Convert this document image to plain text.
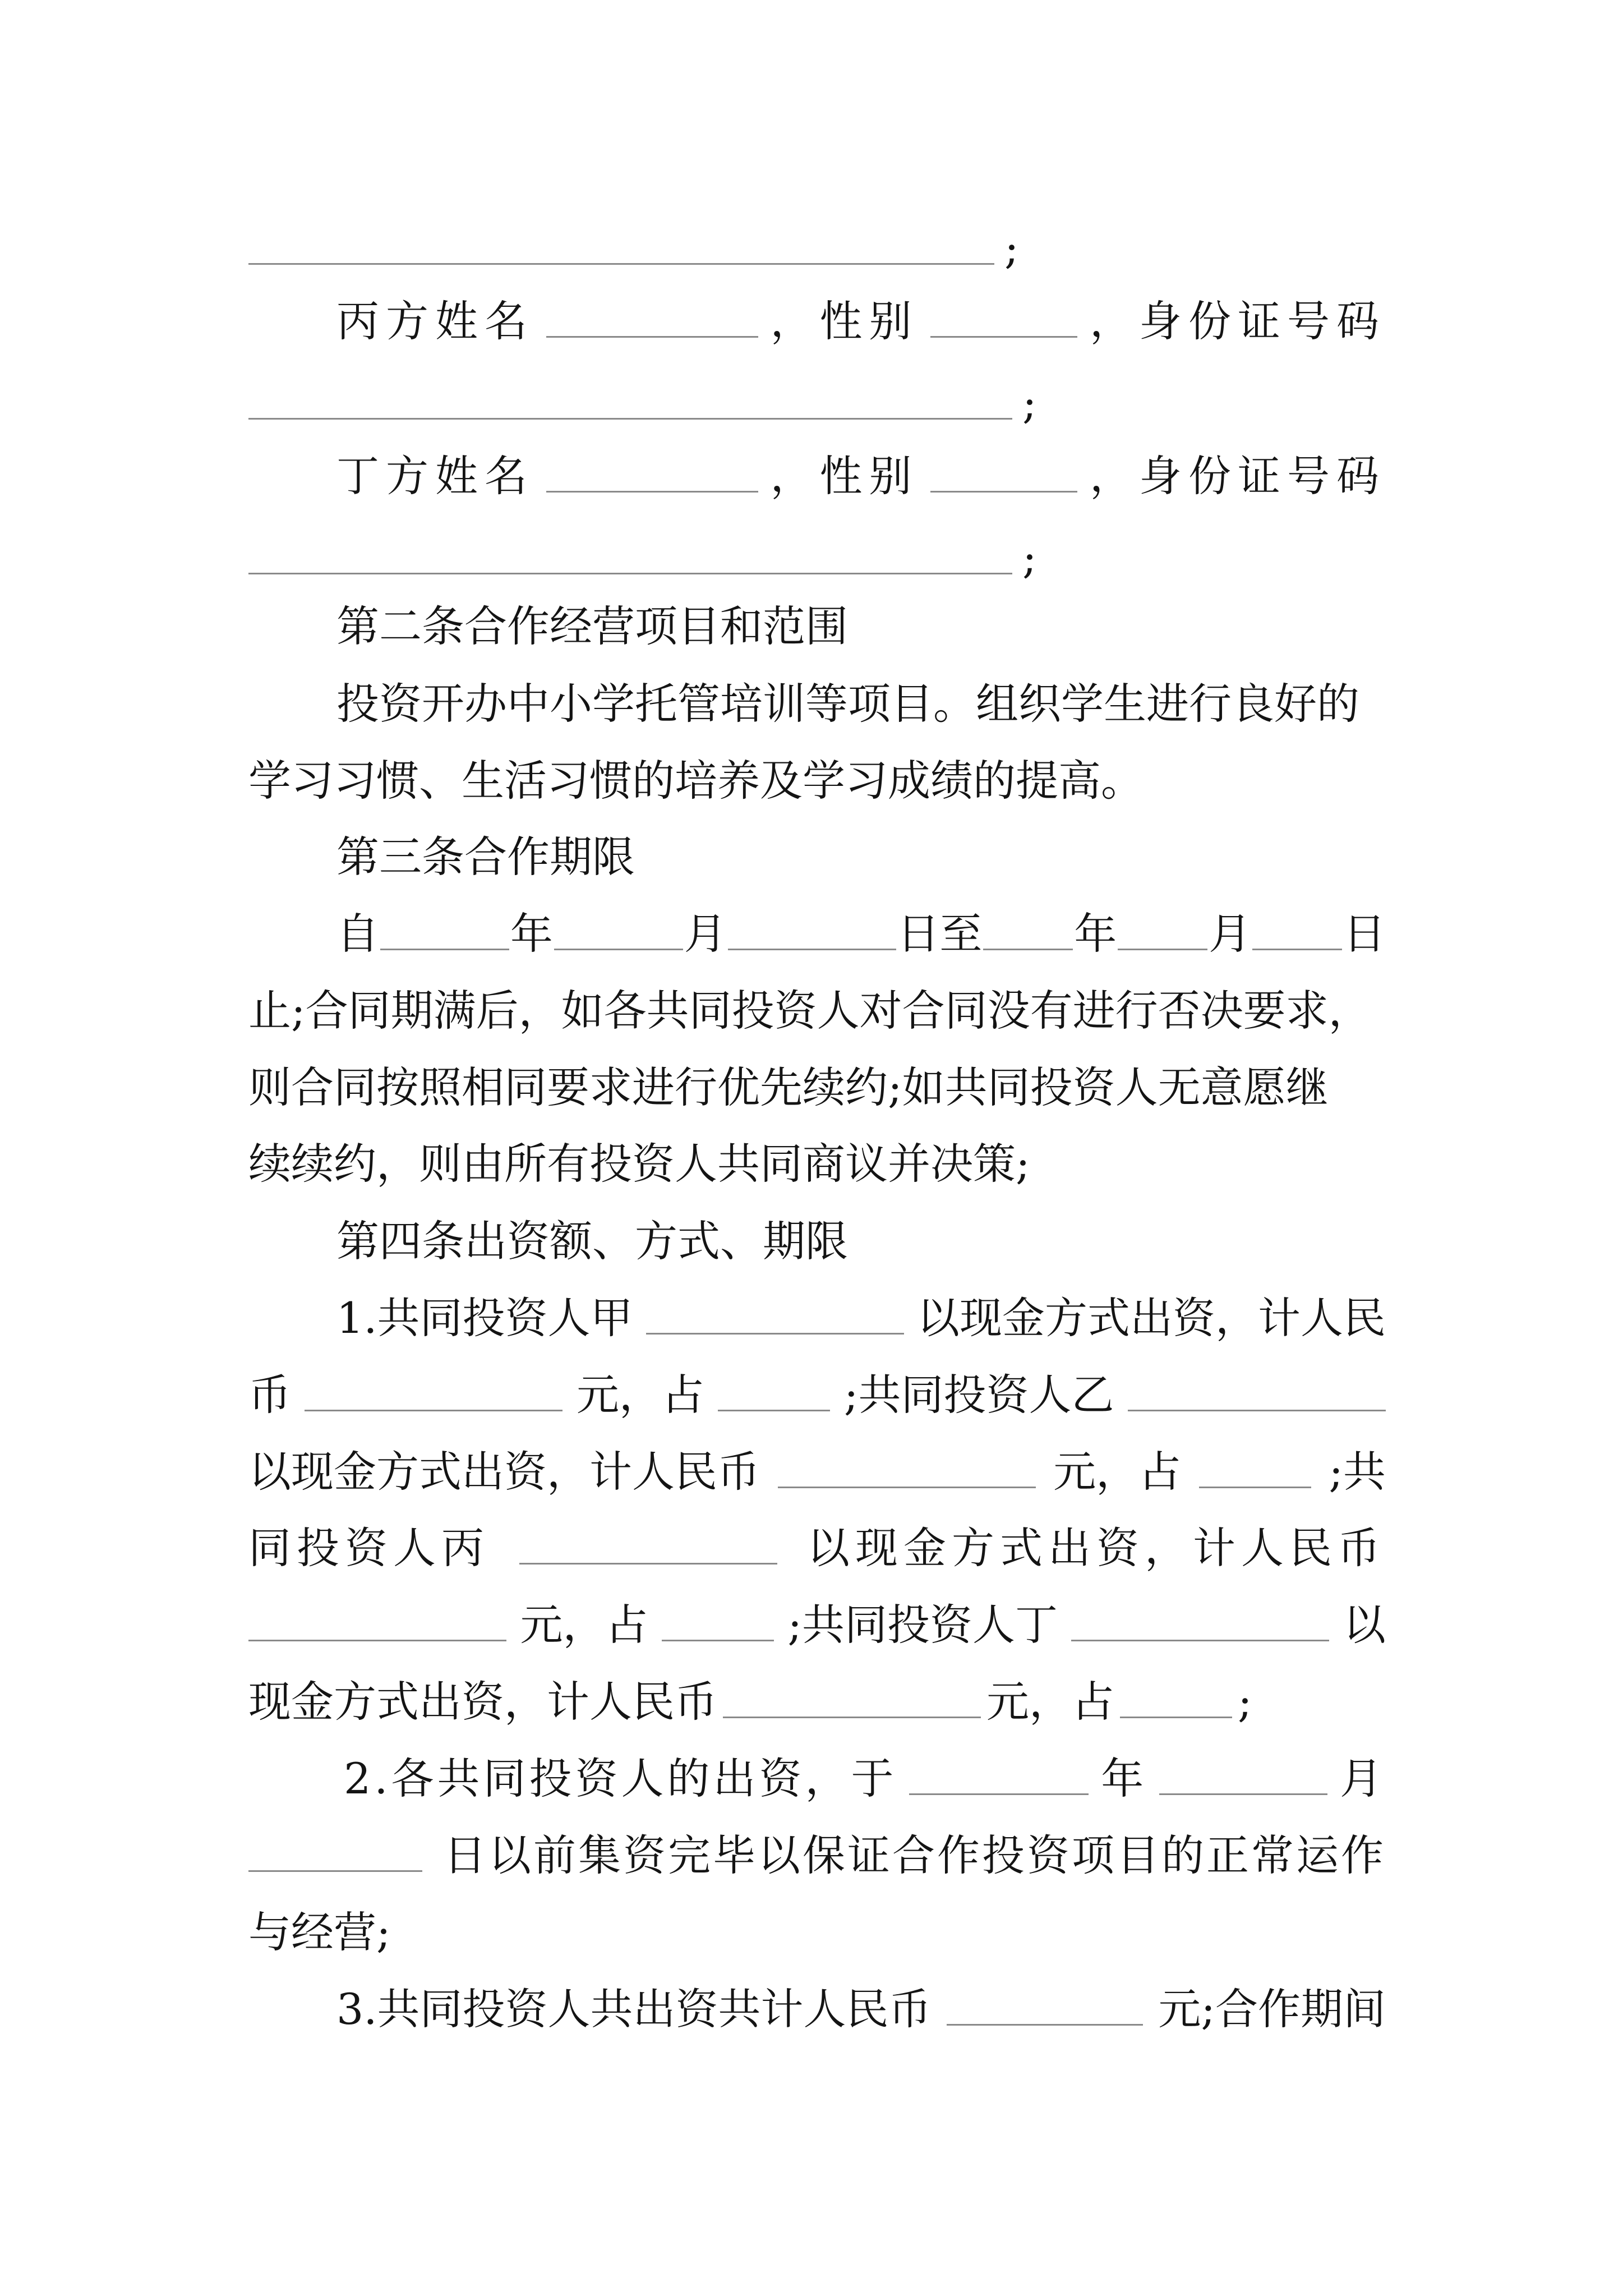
;
丙方姓名	，性别	，身份证号码
;
丁方姓名	，性别	，身份证号码
;
第二条合作经营项目和范围
投资开办中小学托管培训等项目。组织学生进行良好的
学习习惯、生活习惯的培养及学习成绩的提高。
第三条合作期限
自	年	月	日至 年 月 日
止;合同期满后，如各共同投资人对合同没有进行否决要求，
则合同按照相同要求进行优先续约;如共同投资人无意愿继
续续约，则由所有投资人共同商议并决策;
第四条出资额、方式、期限
1.共同投资人甲	以现金方式出资，计人民
币	元，占	;共同投资人乙
以现金方式出资，计人民币	元，占	;共
同投资人丙	以现金方式出资，计人民币
元，占	;共同投资人丁	以
现金方式出资，计人民币	元，占	;
2.各共同投资人的出资，于	年	月
日以前集资完毕以保证合作投资项目的正常运作
与经营;
3.共同投资人共出资共计人民币	元;合作期间
